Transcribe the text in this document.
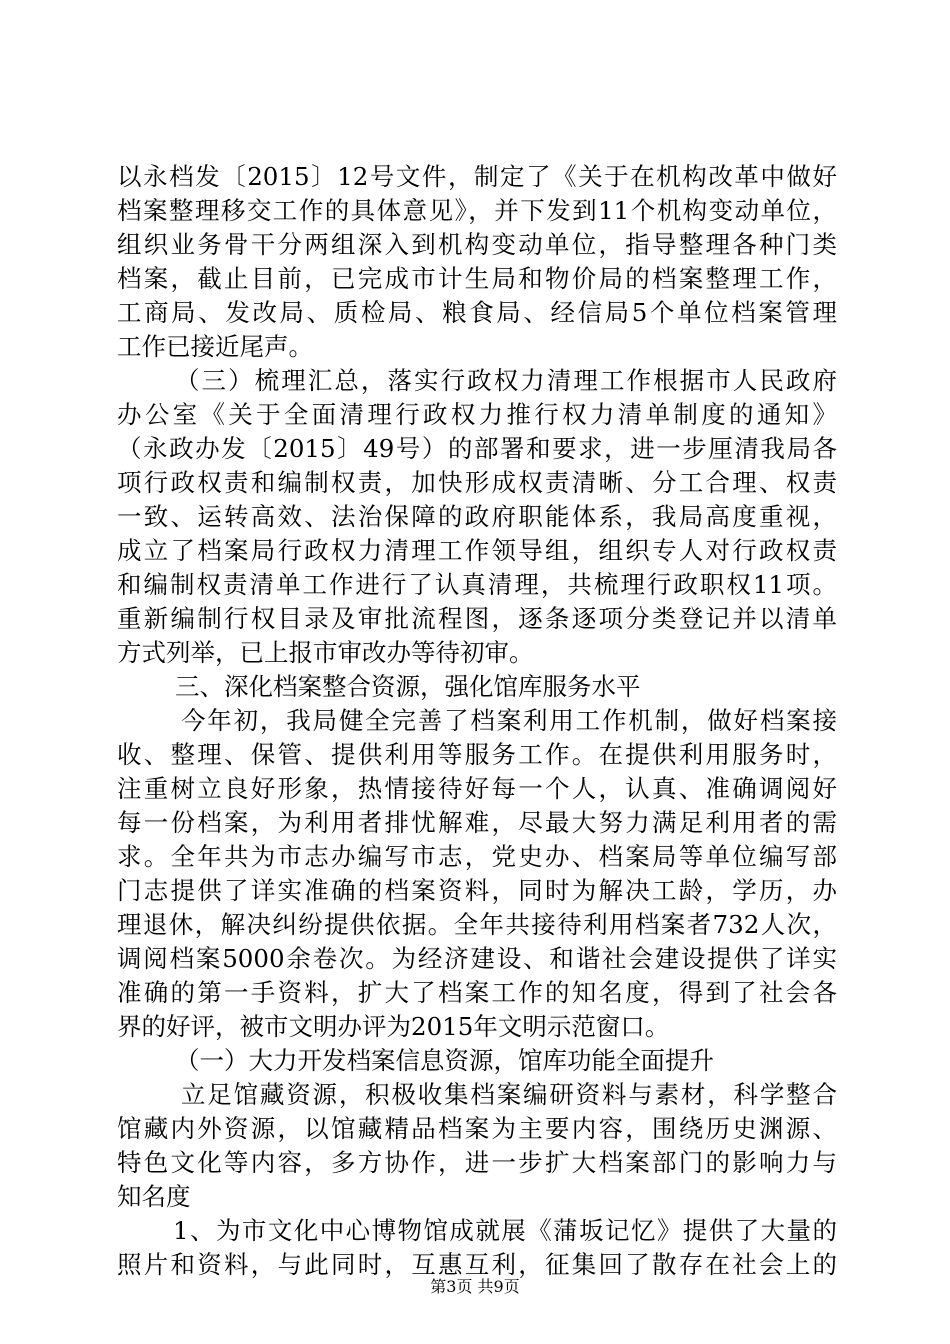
以永档发〔2015〕12号文件，制定了《关于在机构改革中做好
档案整理移交工作的具体意见》，并下发到11个机构变动单位，
组织业务骨干分两组深入到机构变动单位，指导整理各种门类
档案，截止目前，已完成市计生局和物价局的档案整理工作，
工商局、发改局、质检局、粮食局、经信局5个单位档案管理
工作已接近尾声。
（三）梳理汇总，落实行政权力清理工作根据市人民政府
办公室《关于全面清理行政权力推行权力清单制度的通知》
（永政办发〔2015〕49号）的部署和要求，进一步厘清我局各
项行政权责和编制权责，加快形成权责清晰、分工合理、权责
一致、运转高效、法治保障的政府职能体系，我局高度重视，
成立了档案局行政权力清理工作领导组，组织专人对行政权责
和编制权责清单工作进行了认真清理，共梳理行政职权11项。
重新编制行权目录及审批流程图，逐条逐项分类登记并以清单
方式列举，已上报市审改办等待初审。
三、深化档案整合资源，强化馆库服务水平
今年初，我局健全完善了档案利用工作机制，做好档案接
收、整理、保管、提供利用等服务工作。在提供利用服务时，
注重树立良好形象，热情接待好每一个人，认真、准确调阅好
每一份档案，为利用者排忧解难，尽最大努力满足利用者的需
求。全年共为市志办编写市志，党史办、档案局等单位编写部
门志提供了详实准确的档案资料，同时为解决工龄，学历，办
理退休，解决纠纷提供依据。全年共接待利用档案者732人次，
调阅档案5000余卷次。为经济建设、和谐社会建设提供了详实
准确的第一手资料，扩大了档案工作的知名度，得到了社会各
界的好评，被市文明办评为2015年文明示范窗口。
（一）大力开发档案信息资源，馆库功能全面提升
立足馆藏资源，积极收集档案编研资料与素材，科学整合
馆藏内外资源，以馆藏精品档案为主要内容，围绕历史渊源、
特色文化等内容，多方协作，进一步扩大档案部门的影响力与
知名度
1、为市文化中心博物馆成就展《蒲坂记忆》提供了大量的
照片和资料，与此同时，互惠互利，征集回了散存在社会上的
第3页 共9页
